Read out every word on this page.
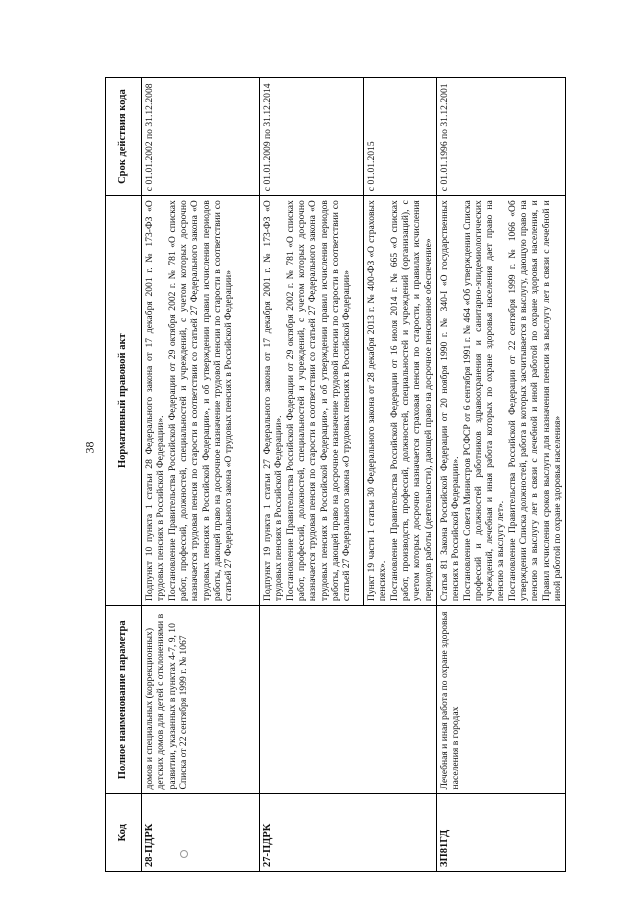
38
Код	Полное наименование параметра	Нормативный правовой акт	Срок действия кода
28-ПДРК	домов и специальных (коррекционных) детских домов для детей с отклонениями в развитии, указанных в пунктах 4-7, 9, 10 Списка от 22 сентября 1999 г. № 1067	Подпункт 10 пункта 1 статьи 28 Федерального закона от 17 декабря 2001 г. № 173-ФЗ «О трудовых пенсиях в Российской Федерации». Постановление Правительства Российской Федерации от 29 октября 2002 г. № 781 «О списках работ, профессий, должностей, специальностей и учреждений, с учетом которых досрочно назначается трудовая пенсия по старости в соответствии со статьей 27 Федерального закона «О трудовых пенсиях в Российской Федерации», и об утверждении правил исчисления периодов работы, дающей право на досрочное назначение трудовой пенсии по старости в соответствии со статьей 27 Федерального закона «О трудовых пенсиях в Российской Федерации»	с 01.01.2002 по 31.12.2008
27-ПДРК		Подпункт 19 пункта 1 статьи 27 Федерального закона от 17 декабря 2001 г. № 173-ФЗ «О трудовых пенсиях в Российской Федерации». Постановление Правительства Российской Федерации от 29 октября 2002 г. № 781 «О списках работ, профессий, должностей, специальностей и учреждений, с учетом которых досрочно назначается трудовая пенсия по старости в соответствии со статьей 27 Федерального закона «О трудовых пенсиях в Российской Федерации», и об утверждении правил исчисления периодов работы, дающей право на досрочное назначение трудовой пенсии по старости в соответствии со статьей 27 Федерального закона «О трудовых пенсиях в Российской Федерации»	с 01.01.2009 по 31.12.2014

		Пункт 19 части 1 статьи 30 Федерального закона от 28 декабря 2013 г. № 400-ФЗ «О страховых пенсиях». Постановление Правительства Российской Федерации от 16 июля 2014 г. № 665 «О списках работ, производств, профессий, должностей, специальностей и учреждений (организаций), с учетом которых досрочно назначается страховая пенсия по старости, и правилах исчисления периодов работы (деятельности), дающей право на досрочное пенсионное обеспечение»	с 01.01.2015
ЗП81ГД	Лечебная и иная работа по охране здоровья населения в городах	Статья 81 Закона Российской Федерации от 20 ноября 1990 г. № 340-I «О государственных пенсиях в Российской Федерации». Постановление Совета Министров РСФСР от 6 сентября 1991 г. № 464 «Об утверждении Списка профессий и должностей работников здравоохранения и санитарно-эпидемиологических учреждений, лечебная и иная работа которых по охране здоровья населения дает право на пенсию за выслугу лет». Постановление Правительства Российской Федерации от 22 сентября 1999 г. № 1066 «Об утверждении Списка должностей, работа в которых засчитывается в выслугу, дающую право на пенсию за выслугу лет в связи с лечебной и иной работой по охране здоровья населения, и Правил исчисления сроков выслуги для назначения пенсии за выслугу лет в связи с лечебной и иной работой по охране здоровья населения»	с 01.01.1996 по 31.12.2001
